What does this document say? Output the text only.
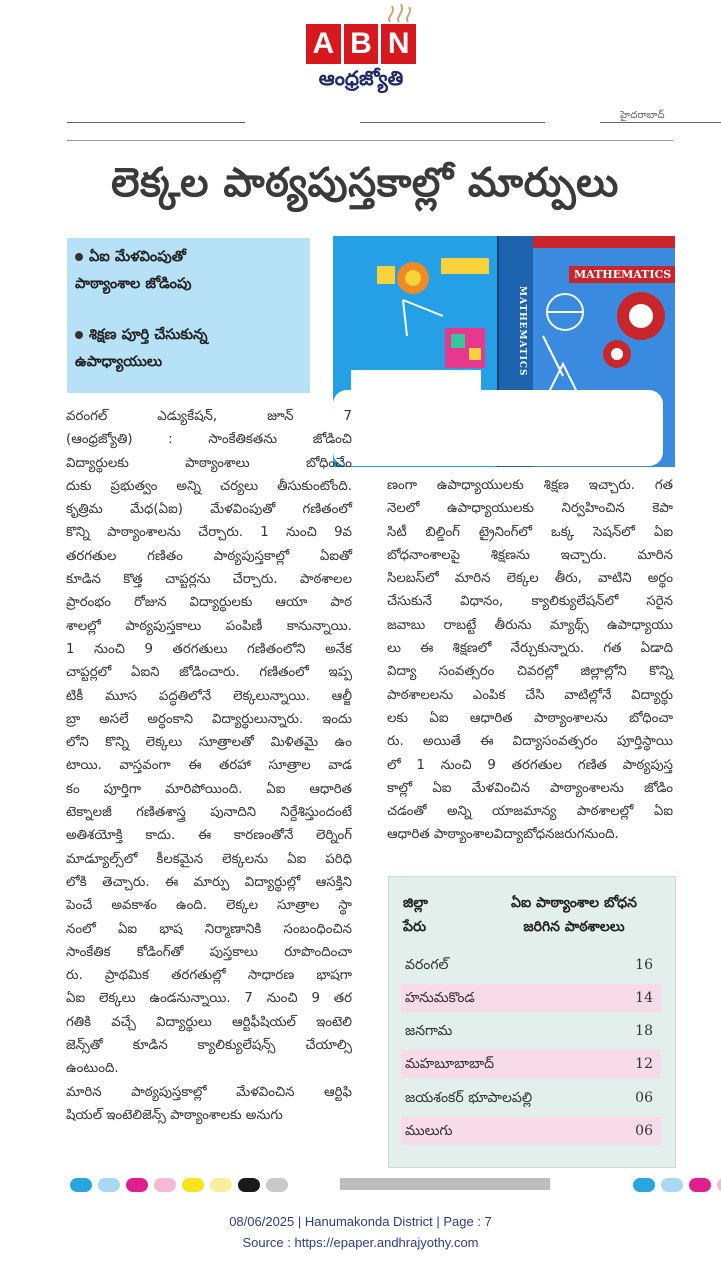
A B N
ఆంధ్రజ్యోతి
హైదరాబాద్
లెక్కల పాఠ్యపుస్తకాల్లో మార్పులు
ఏఐ మేళవింపుతో
పాఠ్యాంశాల జోడింపు
శిక్షణ పూర్తి చేసుకున్న
ఉపాధ్యాయులు	MATHEMATICS
MATHEMATICS

వరంగల్ ఎడ్యుకేషన్, జూన్ 7

(ఆంధ్రజ్యోతి) : సాంకేతికతను జోడించి

విద్యార్థులకు పాఠ్యాంశాలు బోధించేం

దుకు ప్రభుత్వం అన్ని చర్యలు తీసుకుంటోంది.

కృత్రిమ మేధ(ఏఐ) మేళవింపుతో గణితంలో

కొన్ని పాఠ్యాంశాలను చేర్చారు. 1 నుంచి 9వ

తరగతుల గణితం పాఠ్యపుస్తకాల్లో ఏఐతో

కూడిన కొత్త చాప్టర్లను చేర్చారు. పాఠశాలల

ప్రారంభం రోజున విద్యార్థులకు ఆయా పాఠ

శాలల్లో పాఠ్యపుస్తకాలు పంపిణీ కానున్నాయి.

1 నుంచి 9 తరగతులు గణితంలోని అనేక

చాప్టర్లలో ఏఐని జోడించారు. గణితంలో ఇప్ప

టికీ మూస పద్ధతిలోనే లెక్కలున్నాయి. ఆల్జీ

బ్రా అసలే అర్థంకాని విద్యార్థులున్నారు. ఇందు

లోని కొన్ని లెక్కలు సూత్రాలతో మిళితమై ఉం

టాయి. వాస్తవంగా ఈ తరహా సూత్రాల వాడ

కం పూర్తిగా మారిపోయింది. ఏఐ ఆధారిత

టెక్నాలజీ గణితశాస్త్ర పునాదిని నిర్దేశిస్తుందంటే

అతిశయోక్తి కాదు. ఈ కారణంతోనే లెర్నింగ్

మాడ్యూల్స్‌లో కీలకమైన లెక్కలను ఏఐ పరిధి

లోకి తెచ్చారు. ఈ మార్పు విద్యార్థుల్లో ఆసక్తిని

పెంచే అవకాశం ఉంది. లెక్కల సూత్రాల స్థా

నంలో ఏఐ భాష నిర్మాణానికి సంబంధించిన

సాంకేతిక కోడింగ్‌తో పుస్తకాలు రూపొందించా

రు. ప్రాథమిక తరగతుల్లో సాధారణ భాషగా

ఏఐ లెక్కలు ఉండనున్నాయి. 7 నుంచి 9 తర

గతికి వచ్చే విద్యార్థులు ఆర్టిఫీషియల్ ఇంటెలి

జెన్స్‌తో కూడిన క్యాలిక్యులేషన్స్ చేయాల్సి

ఉంటుంది.

మారిన పాఠ్యపుస్తకాల్లో మేళవించిన ఆర్టిఫి

షియల్ ఇంటెలిజెన్స్ పాఠ్యాంశాలకు అనుగు

ణంగా ఉపాధ్యాయులకు శిక్షణ ఇచ్చారు. గత

నెలలో ఉపాధ్యాయులకు నిర్వహించిన కెపా

సిటీ బిల్డింగ్ ట్రైనింగ్‌లో ఒక్క సెషన్‌లో ఏఐ

బోధనాంశాలపై శిక్షణను ఇచ్చారు. మారిన

సిలబస్‌లో మారిన లెక్కల తీరు, వాటిని అర్థం

చేసుకునే విధానం, క్యాలిక్యులేషన్‌లో సరైన

జవాబు రాబట్టే తీరును మ్యాథ్స్ ఉపాధ్యాయు

లు ఈ శిక్షణలో నేర్చుకున్నారు. గత ఏడాది

విద్యా సంవత్సరం చివరల్లో జిల్లాల్లోని కొన్ని

పాఠశాలలను ఎంపిక చేసి వాటిల్లోనే విద్యార్థు

లకు ఏఐ ఆధారిత పాఠ్యాంశాలను బోధించా

రు. అయితే ఈ విద్యాసంవత్సరం పూర్తిస్థాయి

లో 1 నుంచి 9 తరగతుల గణిత పాఠ్యపుస్త

కాల్లో ఏఐ మేళవించిన పాఠ్యాంశాలను జోడిం

చడంతో అన్ని యాజమాన్య పాఠశాలల్లో ఏఐ

ఆధారిత పాఠ్యాంశాలవిద్యాబోధనజరుగనుంది.

జిల్లా
పేరు
ఏఐ పాఠ్యాంశాల బోధన
జరిగిన పాఠశాలలు
వరంగల్	16
హనుమకొండ	14
జనగామ	18
మహబూబాబాద్	12
జయశంకర్ భూపాలపల్లి	06
ములుగు	06
08/06/2025 | Hanumakonda District | Page : 7
Source : https://epaper.andhrajyothy.com
